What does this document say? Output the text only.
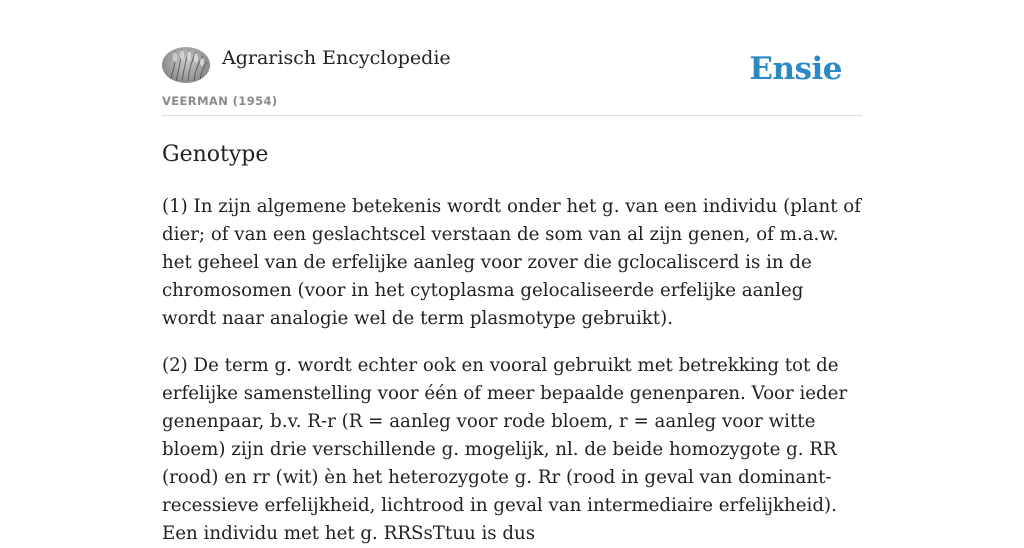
Agrarisch Encyclopedie
VEERMAN (1954)
Ensie
Genotype

(1) In zijn algemene betekenis wordt onder het g. van een individu (plant of dier; of van een geslachtscel verstaan de som van al zijn genen, of m.a.w. het geheel van de erfelijke aanleg voor zover die gclocaliscerd is in de chromosomen (voor in het cytoplasma gelocaliseerde erfelijke aanleg wordt naar analogie wel de term plasmotype gebruikt).

(2) De term g. wordt echter ook en vooral gebruikt met betrekking tot de erfelijke samenstelling voor één of meer bepaalde genenparen. Voor ieder genenpaar, b.v. R-r (R = aanleg voor rode bloem, r = aanleg voor witte bloem) zijn drie verschillende g. mogelijk, nl. de beide homozygote g. RR (rood) en rr (wit) èn het heterozygote g. Rr (rood in geval van dominant-recessieve erfelijkheid, lichtrood in geval van intermediaire erfelijkheid). Een individu met het g. RRSsTtuu is dus
